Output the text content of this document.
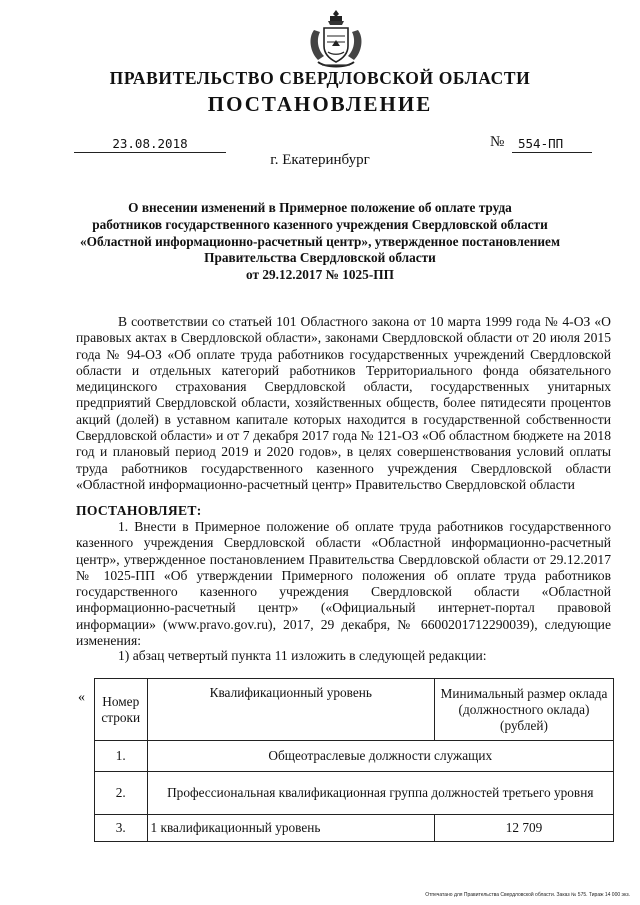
ПРАВИТЕЛЬСТВО СВЕРДЛОВСКОЙ ОБЛАСТИ
ПОСТАНОВЛЕНИЕ
23.08.2018	№	554-ПП
г. Екатеринбург
О внесении изменений в Примерное положение об оплате труда
работников государственного казенного учреждения Свердловской области
«Областной информационно-расчетный центр», утвержденное постановлением
Правительства Свердловской области
от 29.12.2017 № 1025-ПП

В соответствии со статьей 101 Областного закона от 10 марта 1999 года № 4-ОЗ «О правовых актах в Свердловской области», законами Свердловской области от 20 июля 2015 года № 94-ОЗ «Об оплате труда работников государственных учреждений Свердловской области и отдельных категорий работников Территориального фонда обязательного медицинского страхования Свердловской области, государственных унитарных предприятий Свердловской области, хозяйственных обществ, более пятидесяти процентов акций (долей) в уставном капитале которых находится в государственной собственности Свердловской области» и от 7 декабря 2017 года № 121-ОЗ «Об областном бюджете на 2018 год и плановый период 2019 и 2020 годов», в целях совершенствования условий оплаты труда работников государственного казенного учреждения Свердловской области «Областной информационно-расчетный центр» Правительство Свердловской области

ПОСТАНОВЛЯЕТ:

1. Внести в Примерное положение об оплате труда работников государственного казенного учреждения Свердловской области «Областной информационно-расчетный центр», утвержденное постановлением Правительства Свердловской области от 29.12.2017 № 1025-ПП «Об утверждении Примерного положения об оплате труда работников государственного казенного учреждения Свердловской области «Областной информационно-расчетный центр» («Официальный интернет-портал правовой информации» (www.pravo.gov.ru), 2017, 29 декабря, № 6600201712290039), следующие изменения:

1) абзац четвертый пункта 11 изложить в следующей редакции:

« Номер строки	Квалификационный уровень	Минимальный размер оклада (должностного оклада) (рублей)
1.	Общеотраслевые должности служащих	
2.	Профессиональная квалификационная группа должностей третьего уровня	
3.	1 квалификационный уровень	12 709
Отпечатано для Правительства Свердловской области. Заказ № 575. Тираж 14 000 экз.
